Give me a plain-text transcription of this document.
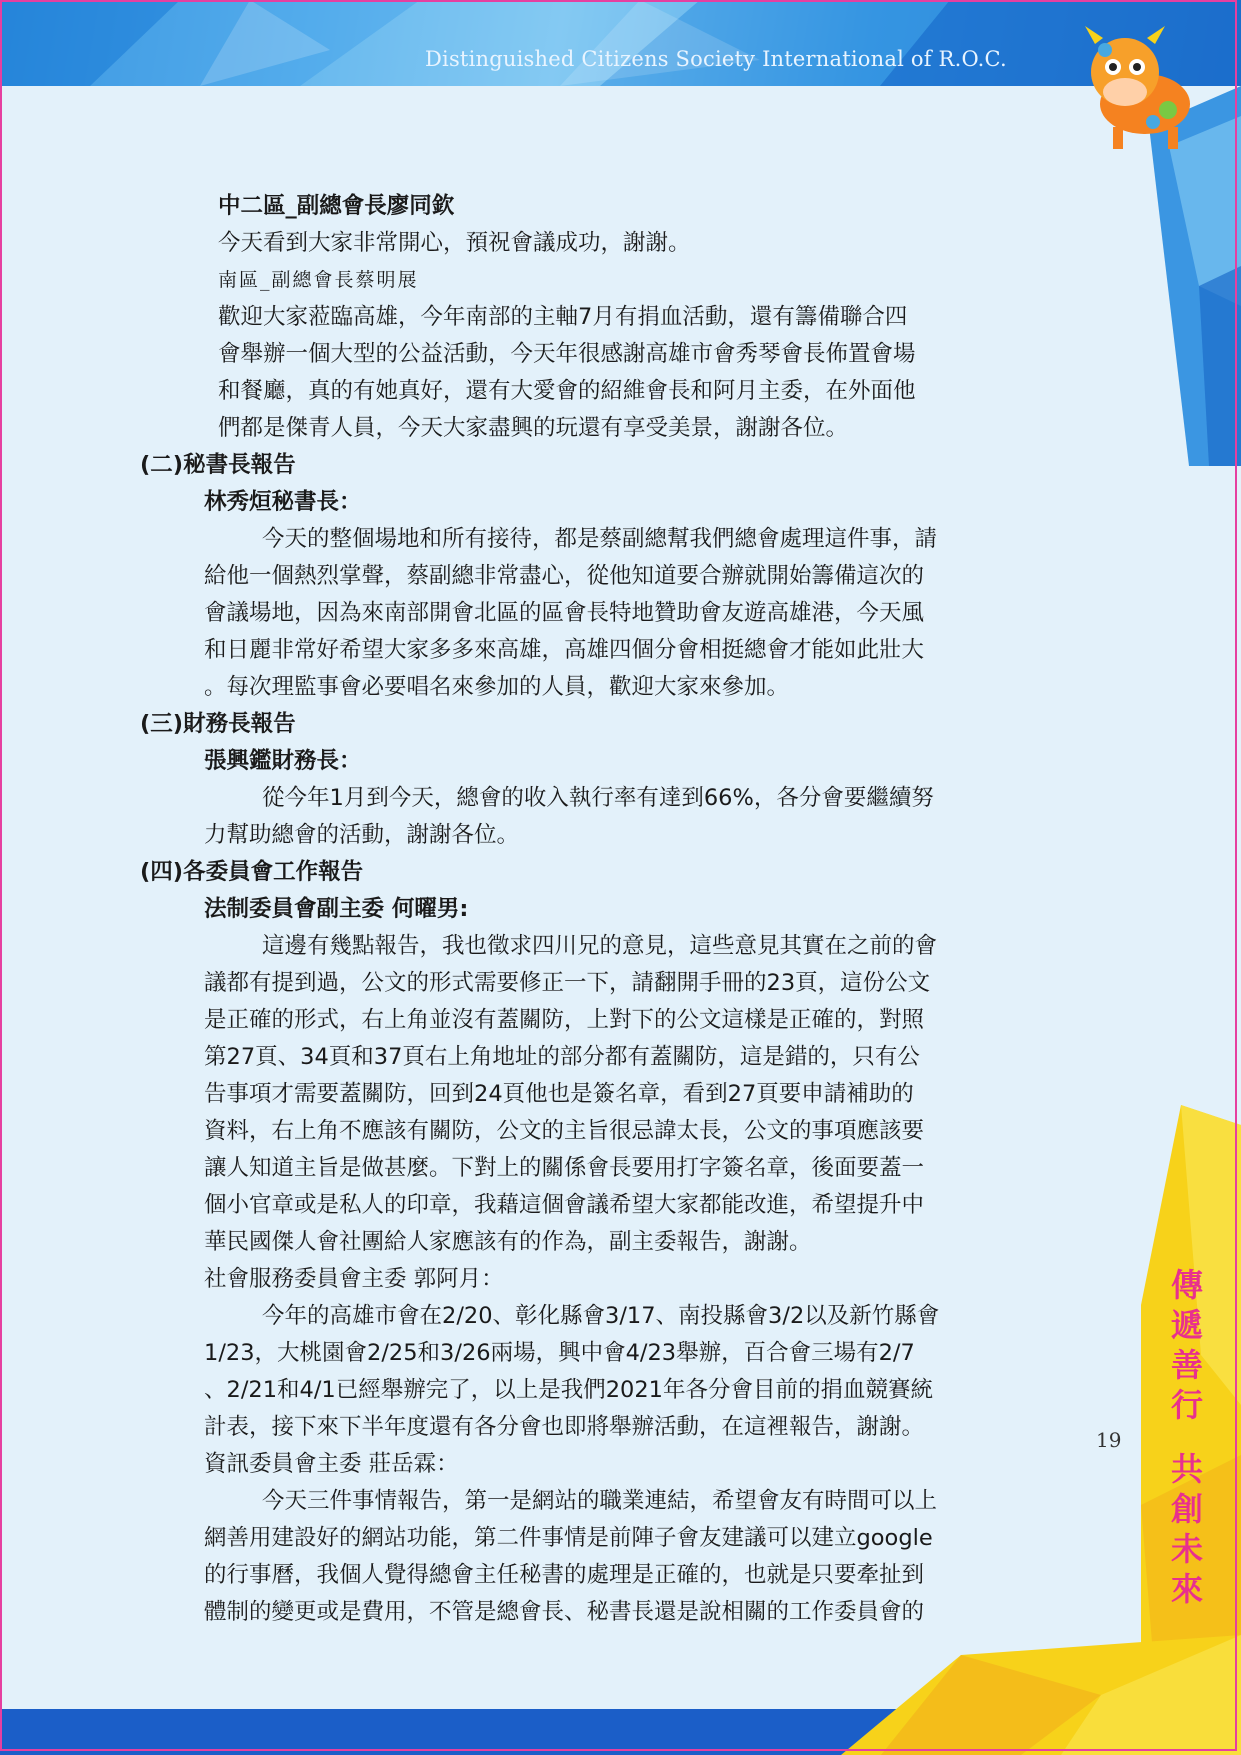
Distinguished Citizens Society International of R.O.C.
中二區_副總會長廖同欽
今天看到大家非常開心，預祝會議成功，謝謝。
南區_副總會長蔡明展
歡迎大家蒞臨高雄，今年南部的主軸7月有捐血活動，還有籌備聯合四
會舉辦一個大型的公益活動，今天年很感謝高雄市會秀琴會長佈置會場
和餐廳，真的有她真好，還有大愛會的紹維會長和阿月主委，在外面他
們都是傑青人員，今天大家盡興的玩還有享受美景，謝謝各位。
(二)秘書長報告
林秀烜秘書長：
今天的整個場地和所有接待，都是蔡副總幫我們總會處理這件事，請
給他一個熱烈掌聲，蔡副總非常盡心，從他知道要合辦就開始籌備這次的
會議場地，因為來南部開會北區的區會長特地贊助會友遊高雄港，今天風
和日麗非常好希望大家多多來高雄，高雄四個分會相挺總會才能如此壯大
。每次理監事會必要唱名來參加的人員，歡迎大家來參加。
(三)財務長報告
張興鑑財務長：
從今年1月到今天，總會的收入執行率有達到66%，各分會要繼續努
力幫助總會的活動，謝謝各位。
(四)各委員會工作報告
法制委員會副主委 何曜男:
這邊有幾點報告，我也徵求四川兄的意見，這些意見其實在之前的會
議都有提到過，公文的形式需要修正一下，請翻開手冊的23頁，這份公文
是正確的形式，右上角並沒有蓋關防，上對下的公文這樣是正確的，對照
第27頁、34頁和37頁右上角地址的部分都有蓋關防，這是錯的，只有公
告事項才需要蓋關防，回到24頁他也是簽名章，看到27頁要申請補助的
資料，右上角不應該有關防，公文的主旨很忌諱太長，公文的事項應該要
讓人知道主旨是做甚麼。下對上的關係會長要用打字簽名章，後面要蓋一
個小官章或是私人的印章，我藉這個會議希望大家都能改進，希望提升中
華民國傑人會社團給人家應該有的作為，副主委報告，謝謝。
社會服務委員會主委 郭阿月：
今年的高雄市會在2/20、彰化縣會3/17、南投縣會3/2以及新竹縣會
1/23，大桃園會2/25和3/26兩場，興中會4/23舉辦，百合會三場有2/7
、2/21和4/1已經舉辦完了，以上是我們2021年各分會目前的捐血競賽統
計表，接下來下半年度還有各分會也即將舉辦活動，在這裡報告，謝謝。
資訊委員會主委 莊岳霖：
今天三件事情報告，第一是網站的職業連結，希望會友有時間可以上
網善用建設好的網站功能，第二件事情是前陣子會友建議可以建立google
的行事曆，我個人覺得總會主任秘書的處理是正確的，也就是只要牽扯到
體制的變更或是費用，不管是總會長、秘書長還是說相關的工作委員會的
傳
遞
善
行
共
創
未
來
19
